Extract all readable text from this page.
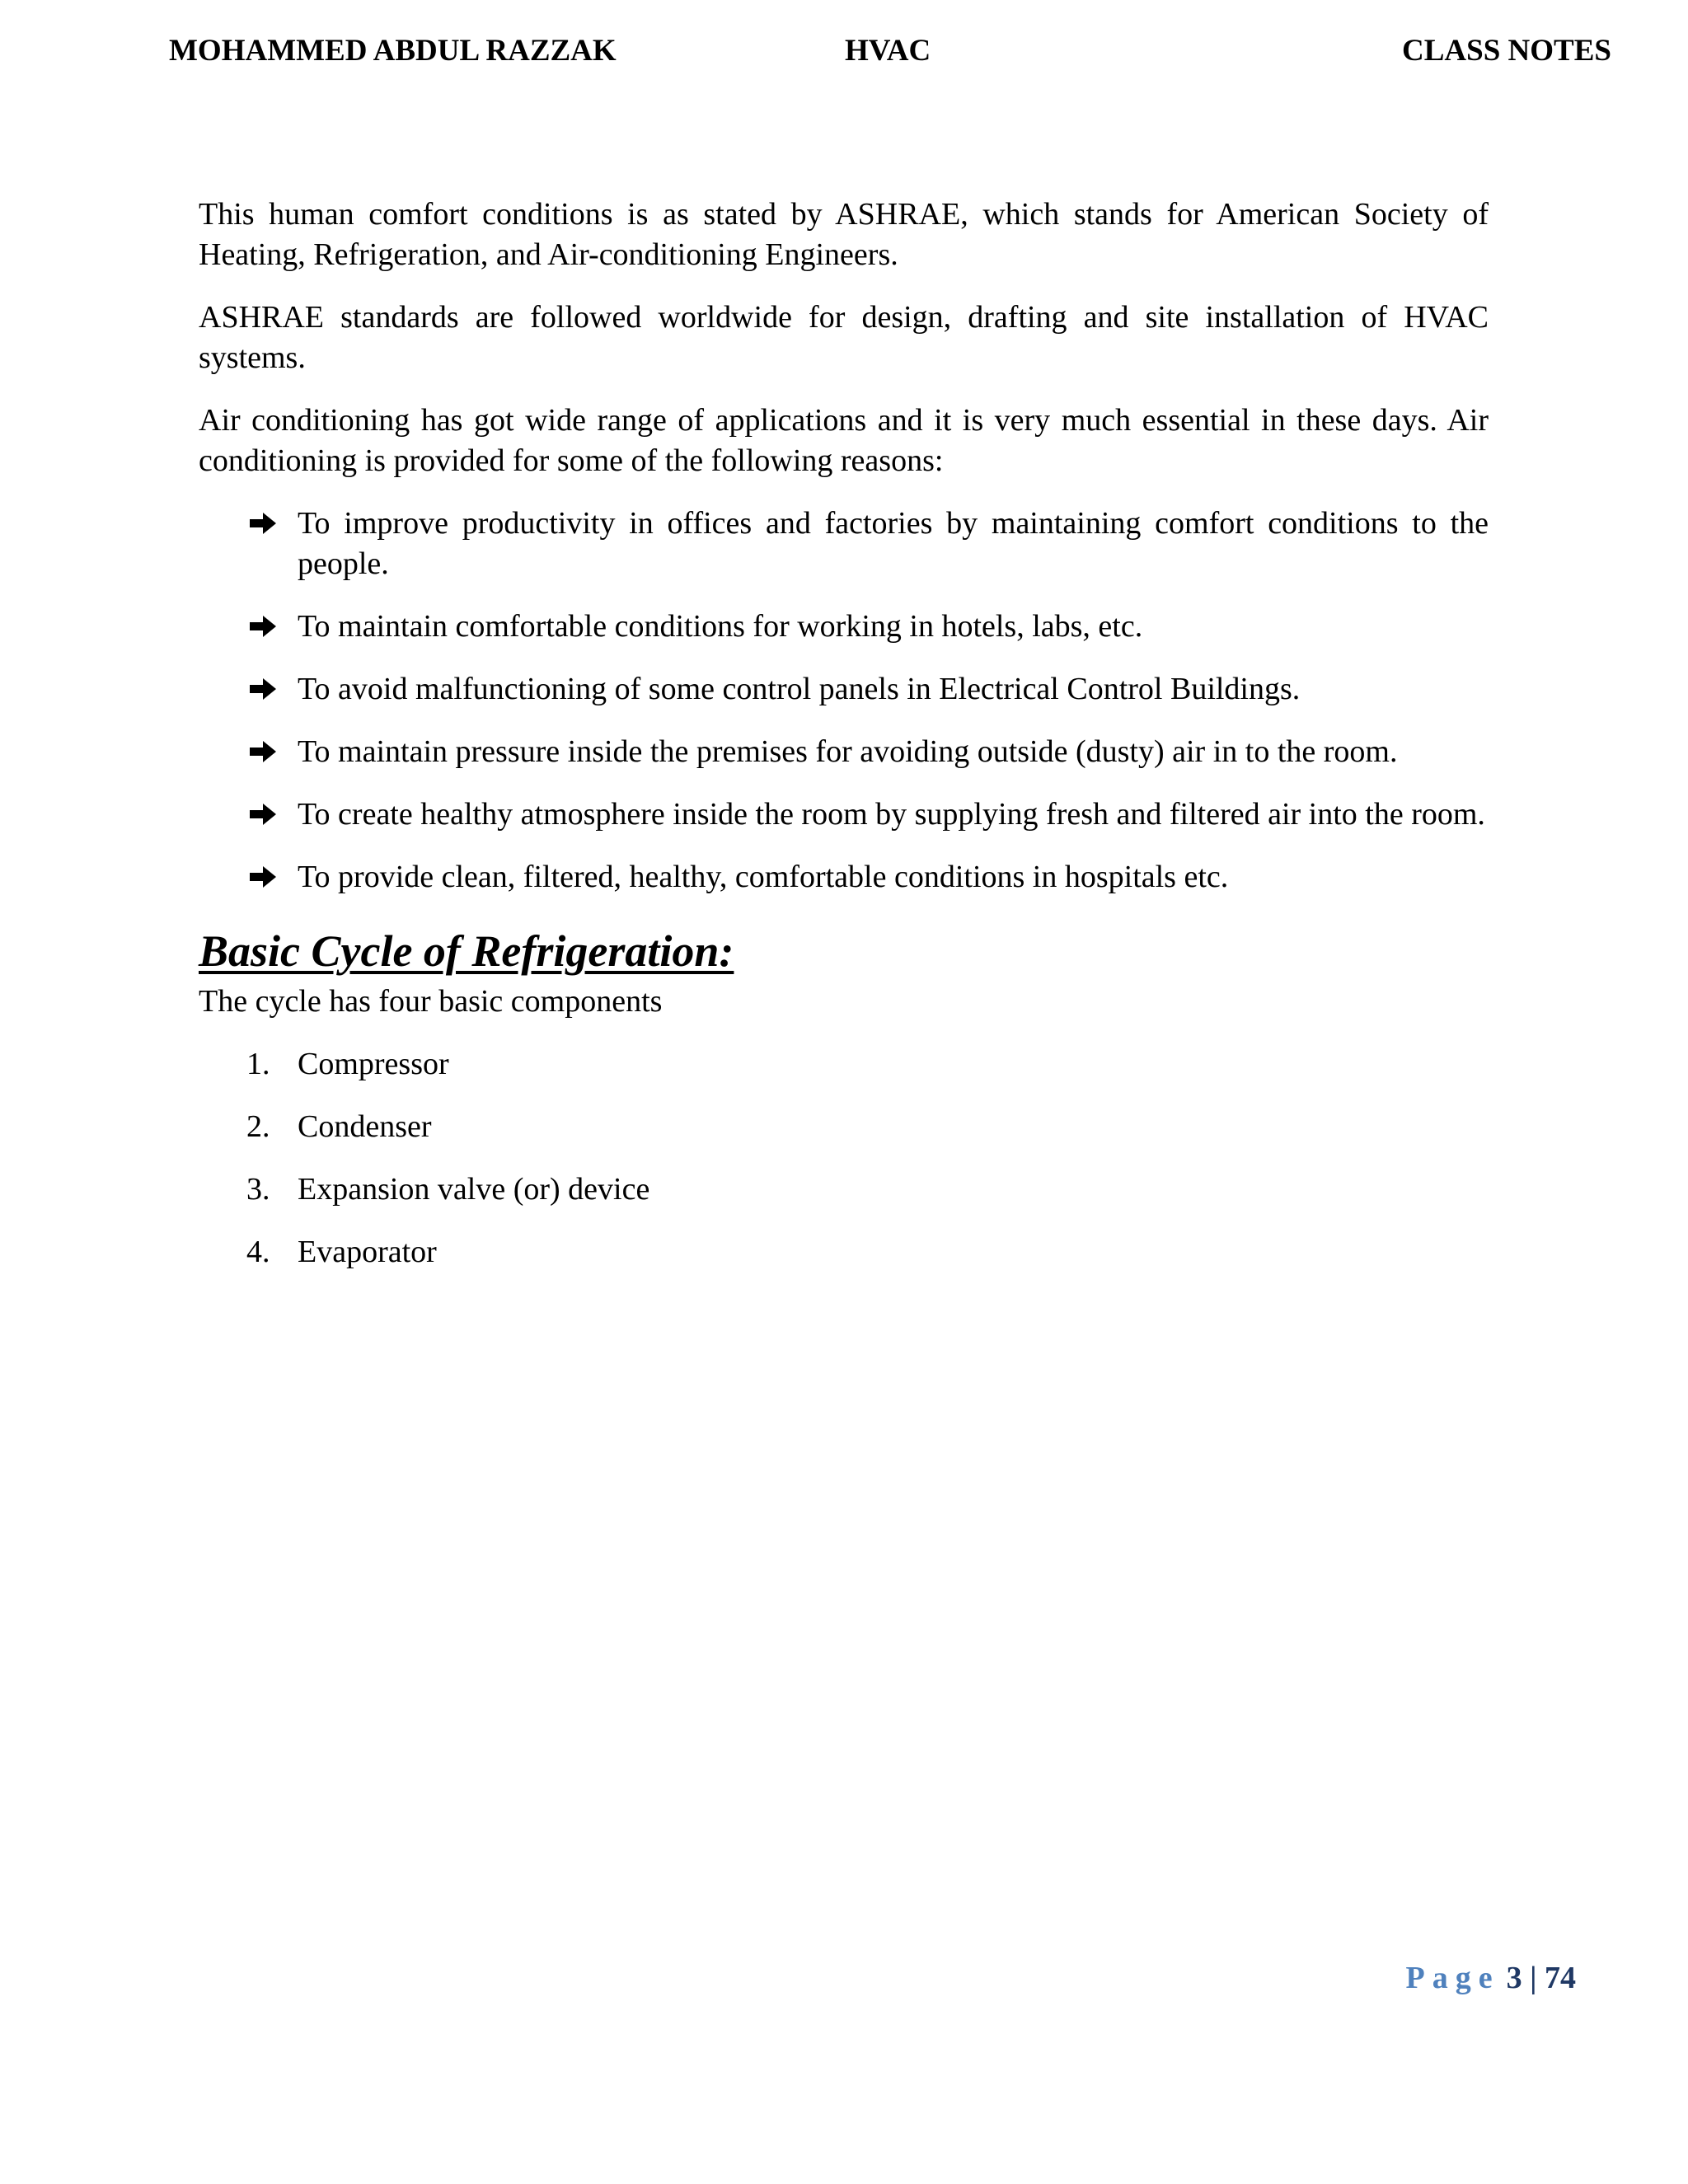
MOHAMMED ABDUL RAZZAK	HVAC	CLASS NOTES

This human comfort conditions is as stated by ASHRAE, which stands for American Society of Heating, Refrigeration, and Air-conditioning Engineers.

ASHRAE standards are followed worldwide for design, drafting and site installation of HVAC systems.

Air conditioning has got wide range of applications and it is very much essential in these days. Air conditioning is provided for some of the following reasons:

To improve productivity in offices and factories by maintaining comfort conditions to the people.
To maintain comfortable conditions for working in hotels, labs, etc.
To avoid malfunctioning of some control panels in Electrical Control Buildings.
To maintain pressure inside the premises for avoiding outside (dusty) air in to the room.
To create healthy atmosphere inside the room by supplying fresh and filtered air into the room.
To provide clean, filtered, healthy, comfortable conditions in hospitals etc.
Basic Cycle of Refrigeration:
The cycle has four basic components
1. Compressor
2. Condenser
3. Expansion valve (or) device
4. Evaporator
Page 3 | 74
